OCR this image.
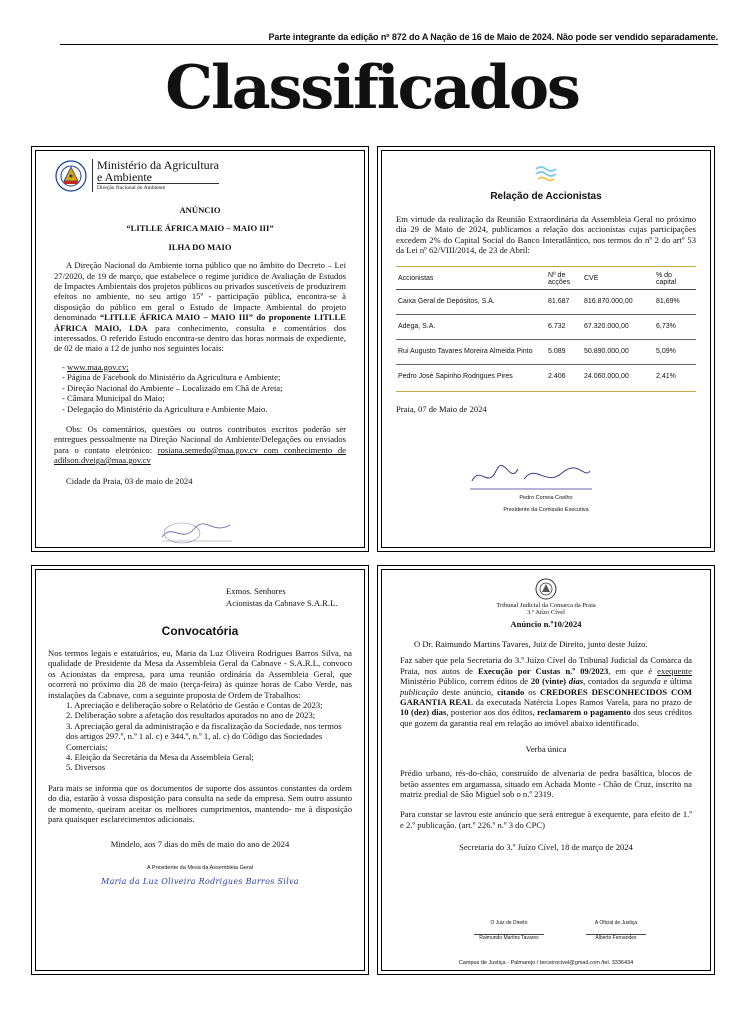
Parte integrante da edição nº 872 do A Nação de 16 de Maio de 2024. Não pode ser vendido separadamente.
Classificados
Ministério da Agricultura
e Ambiente
Direção Nacional do Ambiente
ANÚNCIO
“LITLLE ÁFRICA MAIO – MAIO III”
ILHA DO MAIO

A Direção Nacional do Ambiente torna público que no âmbito do Decreto – Lei 27/2020, de 19 de março, que estabelece o regime jurídico de Avaliação de Estudos de Impactes Ambientais dos projetos públicos ou privados suscetíveis de produzirem efeitos no ambiente, no seu artigo 15º - participação pública, encontra-se à disposição do público em geral o Estudo de Impacte Ambiental do projeto denominado “LITLLE ÁFRICA MAIO – MAIO III” do proponente LITLLE ÁFRICA MAIO, LDA para conhecimento, consulta e comentários dos interessados. O referido Estudo encontra-se dentro das horas normais de expediente, de 02 de maio a 12 de junho nos seguintes locais:

- www.maa.gov.cv;
- Página de Facebook do Ministério da Agricultura e Ambiente;
- Direção Nacional do Ambiente – Localizado em Chã de Areia;
- Câmara Municipal do Maio;
- Delegação do Ministério da Agricultura e Ambiente Maio.

Obs: Os comentários, questões ou outros contributos escritos poderão ser entregues pessoalmente na Direção Nacional do Ambiente/Delegações ou enviados para o contato eletrónico: rosiana.semedo@maa.gov.cv com conhecimento de adilson.dveiga@maa.gov.cv

Cidade da Praia, 03 de maio de 2024

Relação de Accionistas

Em virtude da realização da Reunião Extraordinária da Assembleia Geral no próximo dia 29 de Maio de 2024, publicamos a relação dos accionistas cujas participações excedem 2% do Capital Social do Banco Interatlântico, nos termos do nº 2 do artº 53 da Lei nº 62/VIII/2014, de 23 de Abril:

Accionistas	Nº de acções	CVE	% do capital
Caixa Geral de Depósitos, S.A.	81.687	816.870.000,00	81,69%
Adega, S.A.	6.732	67.320.000,00	6,73%
Rui Augusto Tavares Moreira Almeida Pinto	5.089	50.890.000,00	5,09%
Pedro José Sapinho Rodrigues Pires	2.406	24.060.000,00	2,41%

Praia, 07 de Maio de 2024

Pedro Correia Coelho
Presidente da Comissão Executiva
Exmos. Senhores
Acionistas da Cabnave S.A.R.L.
Convocatória

Nos termos legais e estatuários, eu, Maria da Luz Oliveira Rodrigues Barros Silva, na qualidade de Presidente da Mesa da Assembleia Geral da Cabnave - S.A.R.L, convoco os Acionistas da empresa, para uma reunião ordinária da Assembleia Geral, que ocorrerá no próximo dia 28 de maio (terça-feira) às quinze horas de Cabo Verde, nas instalações da Cabnave, com a seguinte proposta de Ordem de Trabalhos:

1. Apreciação e deliberação sobre o Relatório de Gestão e Contas de 2023;
2. Deliberação sobre a afetação dos resultados apurados no ano de 2023;
3. Apreciação geral da administração e da fiscalização da Sociedade, nos termos dos artigos 297.º, n.º 1 al. c) e 344.º, n.º 1, al. c) do Código das Sociedades Comerciais;
4. Eleição da Secretária da Mesa da Assembleia Geral;
5. Diversos

Para mais se informa que os documentos de suporte dos assuntos constantes da ordem do dia, estarão à vossa disposição para consulta na sede da empresa. Sem outro assunto de momento, queiram aceitar os melhores cumprimentos, mantendo- me à disposição para quaisquer esclarecimentos adicionais.

Mindelo, aos 7 dias do mês de maio do ano de 2024

A Presidente da Mesa da Assembleia Geral
Maria da Luz Oliveira Rodrigues Barros Silva
Tribunal Judicial da Comarca da Praia
3.º Juízo Cível
Anúncio n.º10/2024

O Dr. Raimundo Martins Tavares, Juiz de Direito, junto deste Juízo.

Faz saber que pela Secretaria do 3.º Juízo Cível do Tribunal Judicial da Comarca da Praia, nos autos de Execução por Custas n.º 09/2023, em que é exequente Ministério Público, correm éditos de 20 (vinte) dias, contados da segunda e última publicação deste anúncio, citando os CREDORES DESCONHECIDOS COM GARANTIA REAL da executada Natércia Lopes Ramos Varela, para no prazo de 10 (dez) dias, posterior aos dos éditos, reclamarem o pagamento dos seus créditos que gozem da garantia real em relação ao imóvel abaixo identificado.

Verba única

Prédio urbano, rés-do-chão, construído de alvenaria de pedra basáltica, blocos de betão assentes em argamassa, situado em Achada Monte - Chão de Cruz, inscrito na matriz predial de São Miguel sob o n.º 2319.

Para constar se lavrou este anúncio que será entregue à exequente, para efeito de 1.º e 2.º publicação. (art.º 226.º n.º 3 do CPC)

Secretaria do 3.º Juízo Cível, 18 de março de 2024

O Juiz de Direito
Raimundo Martins Tavares
A Oficial de Justiça
Alberto Fernandes
Campus de Justiça - Palmarejo / terceirocivel@gmail.com /tel. 3336434
